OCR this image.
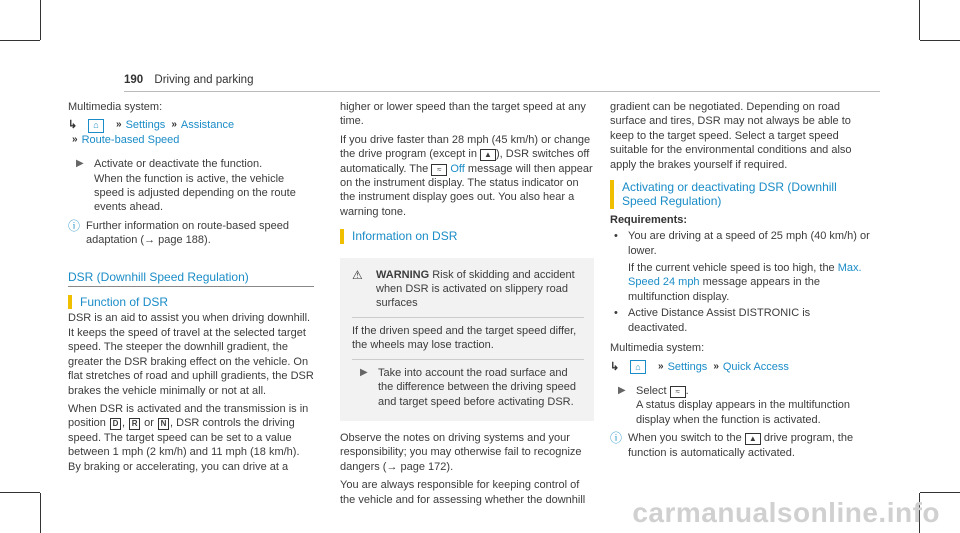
190 Driving and parking

Multimedia system:

↳	⌂	» Settings » Assistance
» Route-based Speed
▶ Activate or deactivate the function.
When the function is active, the vehicle speed is adjusted depending on the route events ahead.
ⓘ Further information on route-based speed adaptation (→ page 188).
DSR (Downhill Speed Regulation)
Function of DSR

DSR is an aid to assist you when driving downhill. It keeps the speed of travel at the selected target speed. The steeper the downhill gradient, the greater the DSR braking effect on the vehicle. On flat stretches of road and uphill gradients, the DSR brakes the vehicle minimally or not at all.

When DSR is activated and the transmission is in position D , R or N , DSR controls the driving speed. The target speed can be set to a value between 1 mph (2 km/h) and 11 mph (18 km/h). By braking or accelerating, you can drive at a

higher or lower speed than the target speed at any time.

If you drive faster than 28 mph (45 km/h) or change the drive program (except in ▲ ), DSR switches off automatically. The ≈ Off message will then appear on the instrument display. The status indicator on the instrument display goes out. You also hear a warning tone.

Information on DSR
⚠	WARNING Risk of skidding and accident when DSR is activated on slippery road surfaces

If the driven speed and the target speed differ, the wheels may lose traction.

▶ Take into account the road surface and the difference between the driving speed and target speed before activating DSR.

Observe the notes on driving systems and your responsibility; you may otherwise fail to recognize dangers (→ page 172).

You are always responsible for keeping control of the vehicle and for assessing whether the downhill

gradient can be negotiated. Depending on road surface and tires, DSR may not always be able to keep to the target speed. Select a target speed suitable for the environmental conditions and also apply the brakes yourself if required.

Activating or deactivating DSR (Downhill Speed Regulation)
Requirements:
• You are driving at a speed of 25 mph (40 km/h) or lower.
If the current vehicle speed is too high, the Max. Speed 24 mph message appears in the multifunction display.
• Active Distance Assist DISTRONIC is deactivated.

Multimedia system:

↳	⌂	» Settings » Quick Access
▶ Select ≈ .
A status display appears in the multifunction display when the function is activated.
ⓘ When you switch to the ▲ drive program, the function is automatically activated.
carmanualsonline.info
